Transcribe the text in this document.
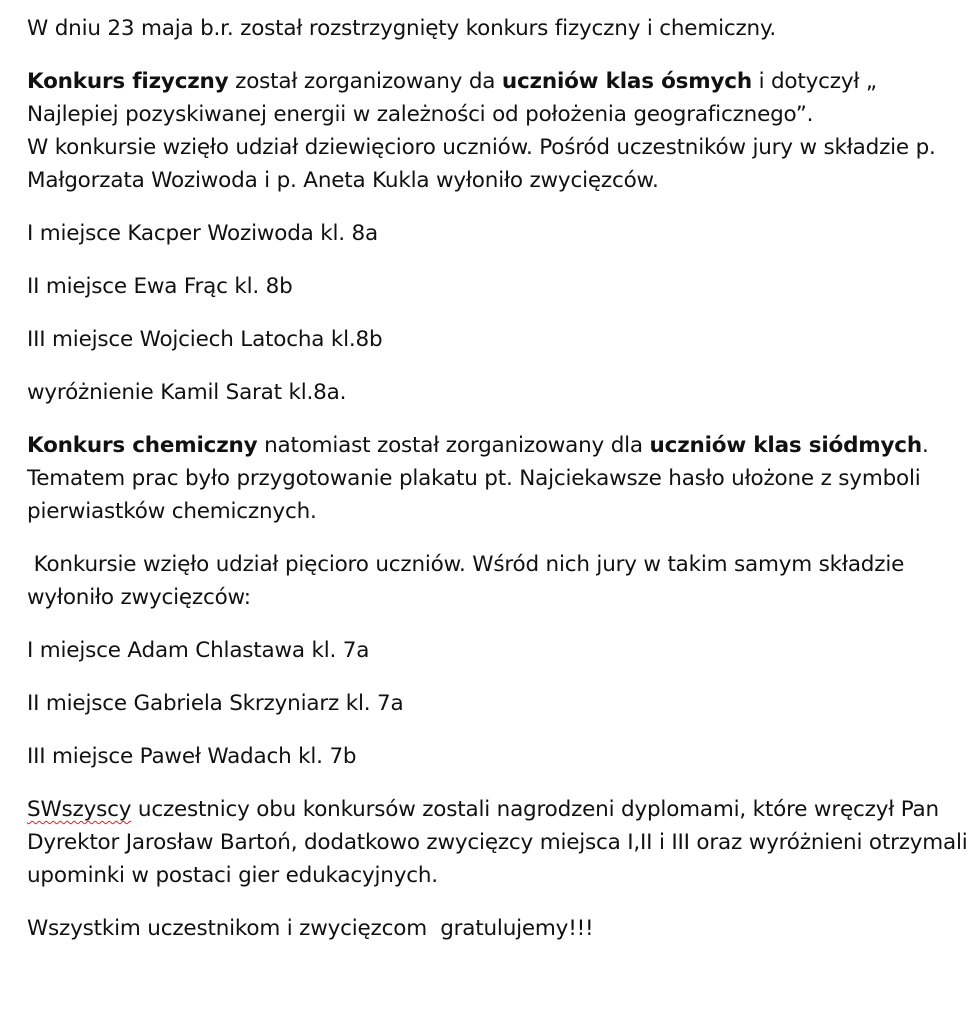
W dniu 23 maja b.r. został rozstrzygnięty konkurs fizyczny i chemiczny.

Konkurs fizyczny został zorganizowany da uczniów klas ósmych i dotyczył „ Najlepiej pozyskiwanej energii w zależności od położenia geograficznego”.
W konkursie wzięło udział dziewięcioro uczniów. Pośród uczestników jury w składzie p. Małgorzata Woziwoda i p. Aneta Kukla wyłoniło zwycięzców.

I miejsce Kacper Woziwoda kl. 8a

II miejsce Ewa Frąc kl. 8b

III miejsce Wojciech Latocha kl.8b

wyróżnienie Kamil Sarat kl.8a.

Konkurs chemiczny natomiast został zorganizowany dla uczniów klas siódmych. Tematem prac było przygotowanie plakatu pt. Najciekawsze hasło ułożone z symboli pierwiastków chemicznych.

Konkursie wzięło udział pięcioro uczniów. Wśród nich jury w takim samym składzie wyłoniło zwycięzców:

I miejsce Adam Chlastawa kl. 7a

II miejsce Gabriela Skrzyniarz kl. 7a

III miejsce Paweł Wadach kl. 7b

SWszyscy uczestnicy obu konkursów zostali nagrodzeni dyplomami, które wręczył Pan Dyrektor Jarosław Bartoń, dodatkowo zwycięzcy miejsca I,II i III oraz wyróżnieni otrzymali upominki w postaci gier edukacyjnych.

Wszystkim uczestnikom i zwycięzcom  gratulujemy!!!
